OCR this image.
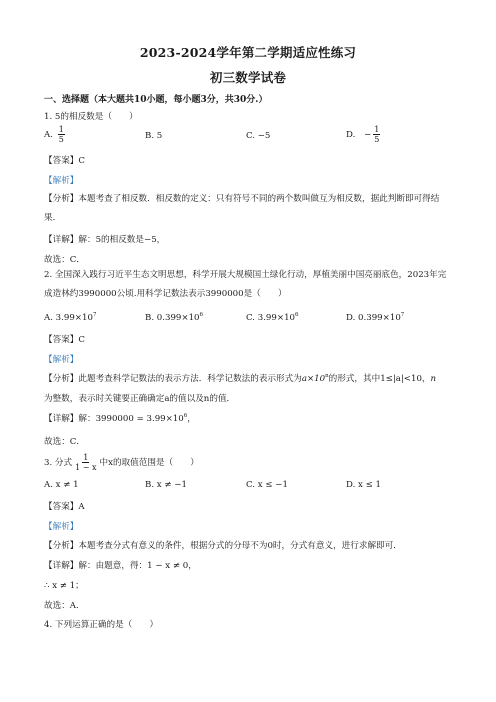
2023-2024学年第二学期适应性练习
初三数学试卷
一、选择题（本大题共10小题，每小题3分，共30分.）
1. 5的相反数是（　　）
A. $\frac{1}{5}$	B. 5	C. −5	D. − $\frac{1}{5}$
【答案】C
【解析】
【分析】本题考查了相反数．相反数的定义：只有符号不同的两个数叫做互为相反数，据此判断即可得结果．
【详解】解：5的相反数是−5，
故选：C．
2. 全国深入践行习近平生态文明思想，科学开展大规模国土绿化行动，厚植美丽中国亮丽底色，2023年完成造林约3990000公顷.用科学记数法表示3990000是（　　）
A. $3.99\times 10^7$	B. $0.399\times 10^6$	C. $3.99\times 10^6$	D. $0.399\times 10^7$
【答案】C
【解析】
【分析】此题考查科学记数法的表示方法．科学记数法的表示形式为$a\times 10^n$的形式，其中1≤|a|<10，n
为整数，表示时关键要正确确定a的值以及n的值．
【详解】解：$3990000 = 3.99\times 10^6$，
故选：C．
3. 分式 $\frac{1}{1 - x}$ 中x的取值范围是（　　）
A. x ≠ 1	B. x ≠ −1	C. x ≤ −1	D. x ≤ 1
【答案】A
【解析】
【分析】本题考查分式有意义的条件，根据分式的分母不为0时，分式有意义，进行求解即可．
【详解】解：由题意，得：1 − x ≠ 0，
∴ x ≠ 1；
故选：A．
4. 下列运算正确的是（　　）
